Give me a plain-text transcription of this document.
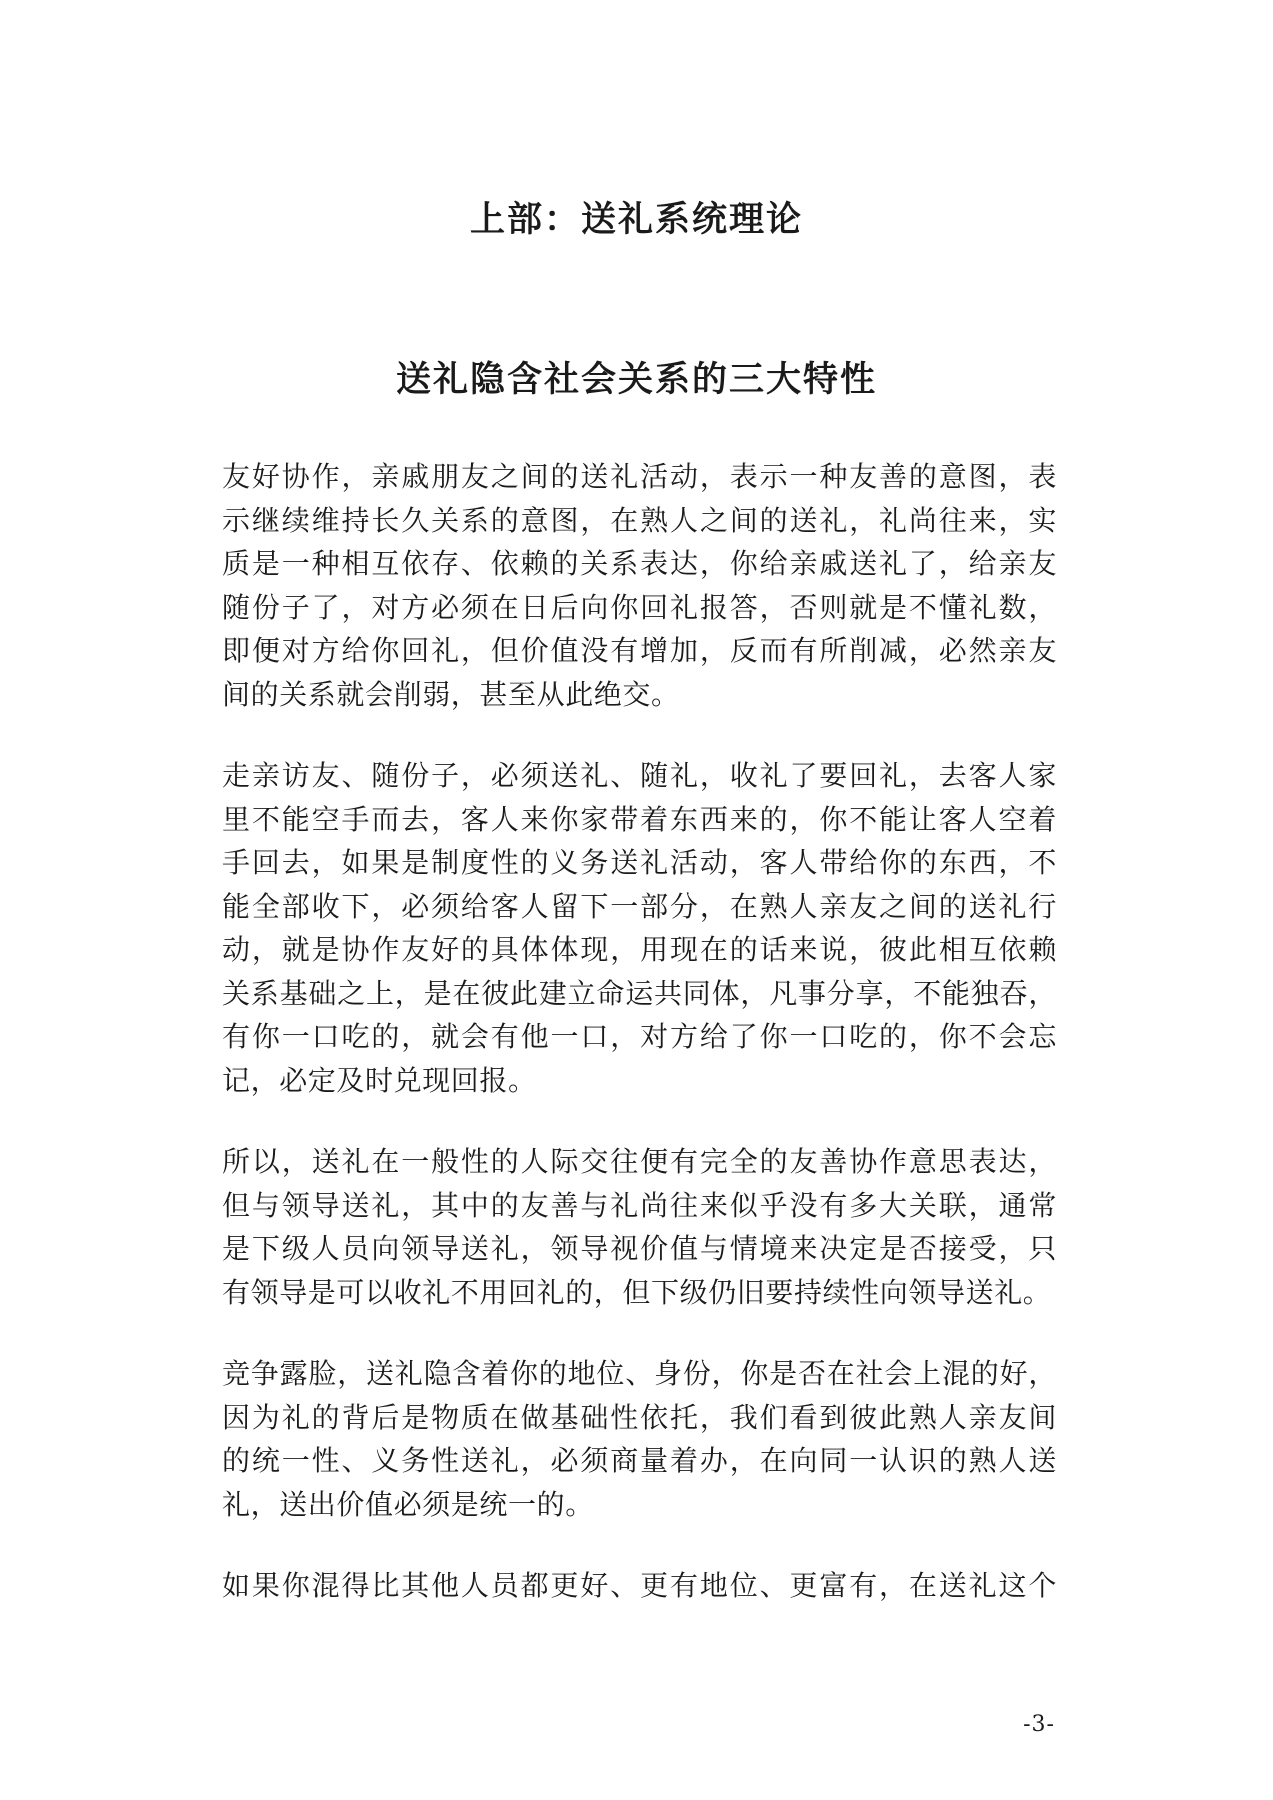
上部：送礼系统理论
送礼隐含社会关系的三大特性

友好协作，亲戚朋友之间的送礼活动，表示一种友善的意图，表
示继续维持长久关系的意图，在熟人之间的送礼，礼尚往来，实
质是一种相互依存、依赖的关系表达，你给亲戚送礼了，给亲友
随份子了，对方必须在日后向你回礼报答，否则就是不懂礼数，
即便对方给你回礼，但价值没有增加，反而有所削减，必然亲友
间的关系就会削弱，甚至从此绝交。

走亲访友、随份子，必须送礼、随礼，收礼了要回礼，去客人家
里不能空手而去，客人来你家带着东西来的，你不能让客人空着
手回去，如果是制度性的义务送礼活动，客人带给你的东西，不
能全部收下，必须给客人留下一部分，在熟人亲友之间的送礼行
动，就是协作友好的具体体现，用现在的话来说，彼此相互依赖
关系基础之上，是在彼此建立命运共同体，凡事分享，不能独吞，
有你一口吃的，就会有他一口，对方给了你一口吃的，你不会忘
记，必定及时兑现回报。

所以，送礼在一般性的人际交往便有完全的友善协作意思表达，
但与领导送礼，其中的友善与礼尚往来似乎没有多大关联，通常
是下级人员向领导送礼，领导视价值与情境来决定是否接受，只
有领导是可以收礼不用回礼的，但下级仍旧要持续性向领导送礼。

竞争露脸，送礼隐含着你的地位、身份，你是否在社会上混的好，
因为礼的背后是物质在做基础性依托，我们看到彼此熟人亲友间
的统一性、义务性送礼，必须商量着办，在向同一认识的熟人送
礼，送出价值必须是统一的。

如果你混得比其他人员都更好、更有地位、更富有，在送礼这个

-3-
